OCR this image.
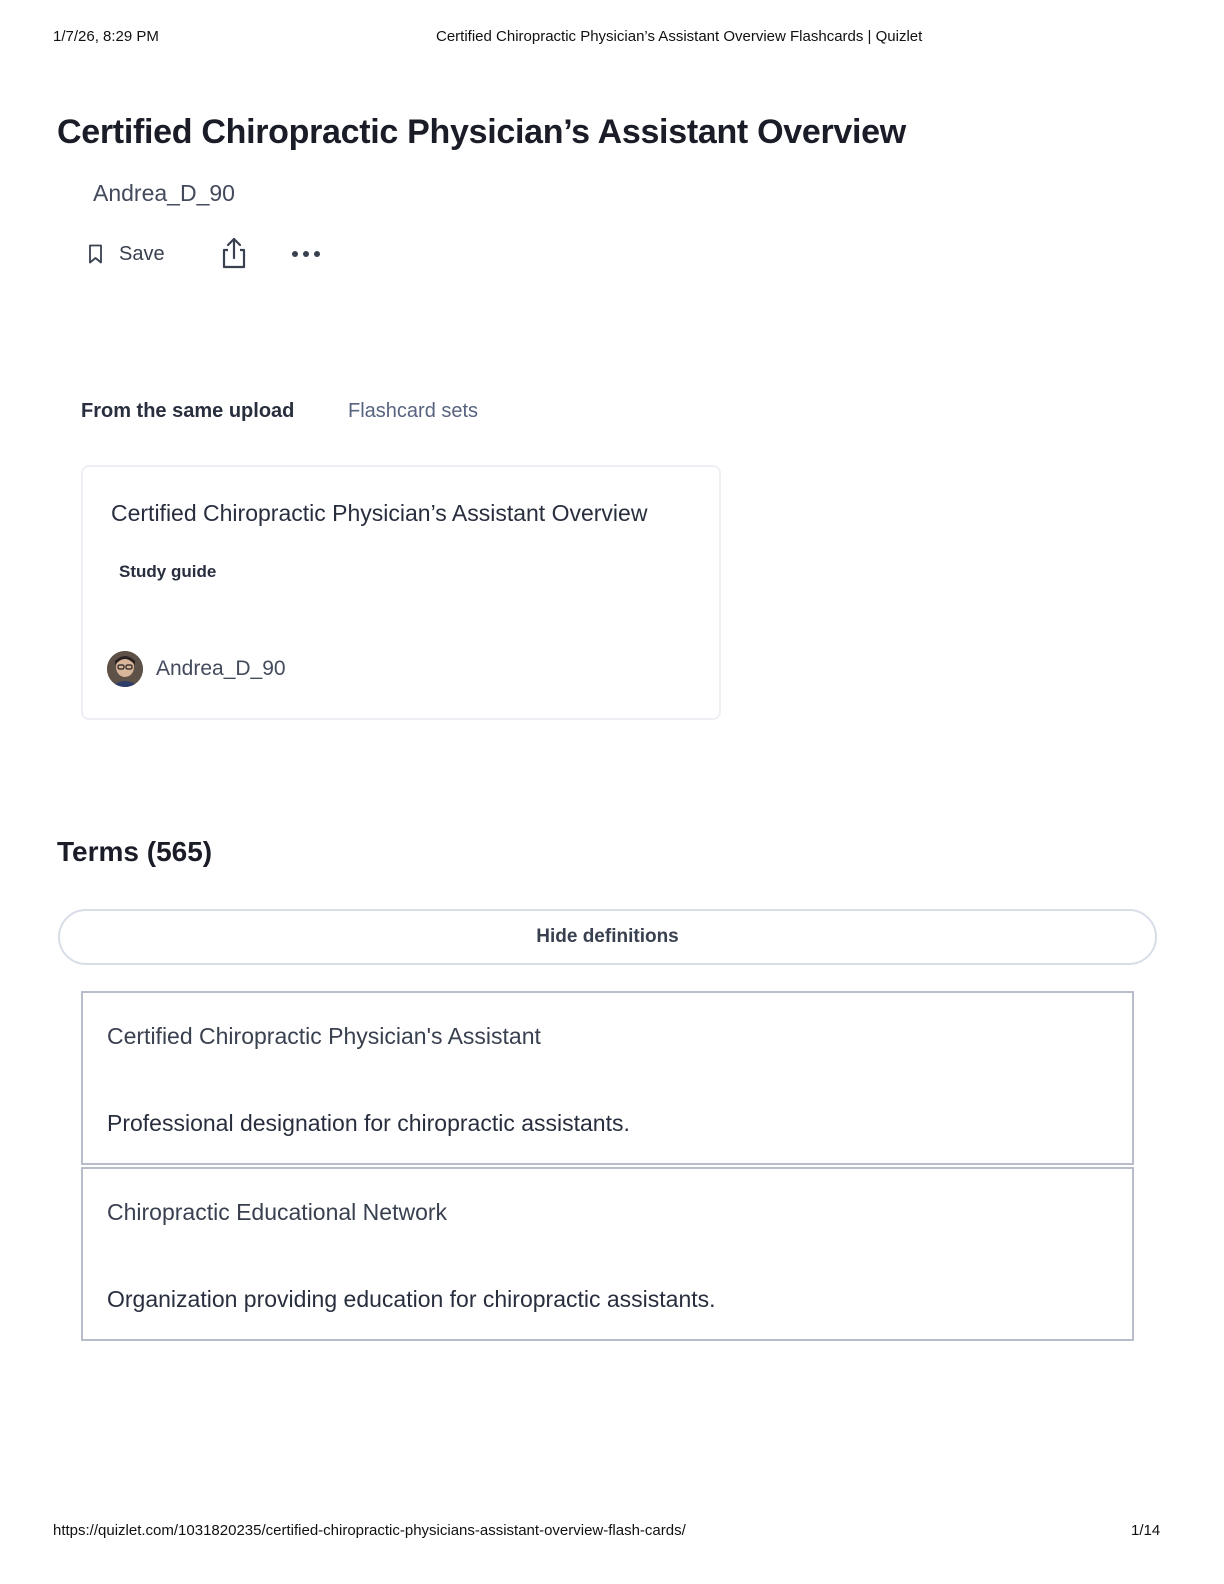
1/7/26, 8:29 PM	Certified Chiropractic Physician’s Assistant Overview Flashcards | Quizlet
Certified Chiropractic Physician’s Assistant Overview
Andrea_D_90
Save
From the same upload	Flashcard sets
Certified Chiropractic Physician’s Assistant Overview
Study guide
Andrea_D_90
Terms (565)
Hide definitions
Certified Chiropractic Physician's Assistant
Professional designation for chiropractic assistants.
Chiropractic Educational Network
Organization providing education for chiropractic assistants.
https://quizlet.com/1031820235/certified-chiropractic-physicians-assistant-overview-flash-cards/	1/14
